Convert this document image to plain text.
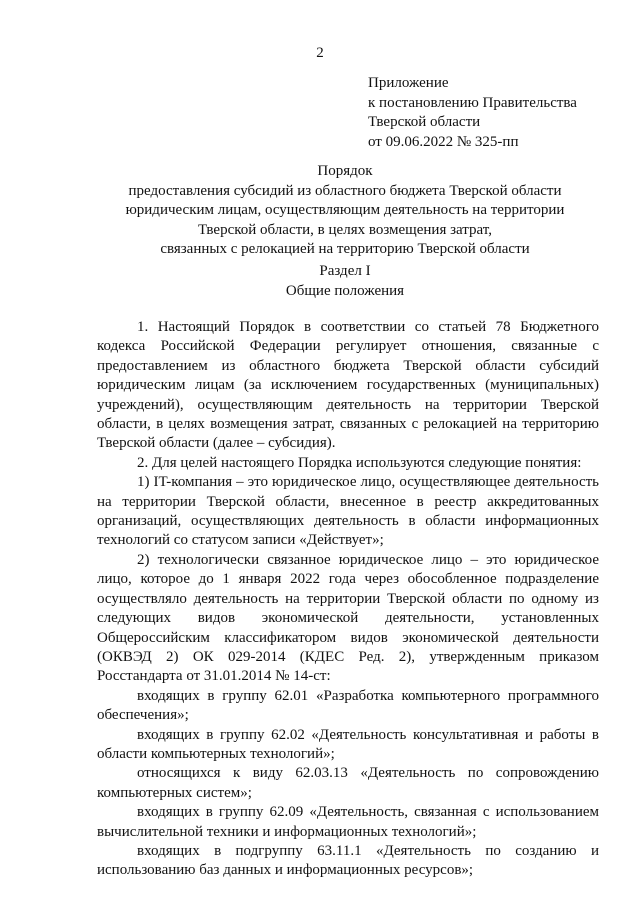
2
Приложение
к постановлению Правительства
Тверской области
от 09.06.2022 № 325-пп
Порядок
предоставления субсидий из областного бюджета Тверской области
юридическим лицам, осуществляющим деятельность на территории
Тверской области, в целях возмещения затрат,
связанных с релокацией на территорию Тверской области
Раздел I
Общие положения

1. Настоящий Порядок в соответствии со статьей 78 Бюджетного кодекса Российской Федерации регулирует отношения, связанные с предоставлением из областного бюджета Тверской области субсидий юридическим лицам (за исключением государственных (муниципальных) учреждений), осуществляющим деятельность на территории Тверской области, в целях возмещения затрат, связанных с релокацией на территорию Тверской области (далее – субсидия).

2. Для целей настоящего Порядка используются следующие понятия:

1) IT-компания – это юридическое лицо, осуществляющее деятельность на территории Тверской области, внесенное в реестр аккредитованных организаций, осуществляющих деятельность в области информационных технологий со статусом записи «Действует»;

2) технологически связанное юридическое лицо – это юридическое лицо, которое до 1 января 2022 года через обособленное подразделение осуществляло деятельность на территории Тверской области по одному из следующих видов экономической деятельности, установленных Общероссийским классификатором видов экономической деятельности (ОКВЭД 2) ОК 029-2014 (КДЕС Ред. 2), утвержденным приказом Росстандарта от 31.01.2014 № 14-ст:

входящих в группу 62.01 «Разработка компьютерного программного обеспечения»;

входящих в группу 62.02 «Деятельность консультативная и работы в области компьютерных технологий»;

относящихся к виду 62.03.13 «Деятельность по сопровождению компьютерных систем»;

входящих в группу 62.09 «Деятельность, связанная с использованием вычислительной техники и информационных технологий»;

входящих в подгруппу 63.11.1 «Деятельность по созданию и использованию баз данных и информационных ресурсов»;
